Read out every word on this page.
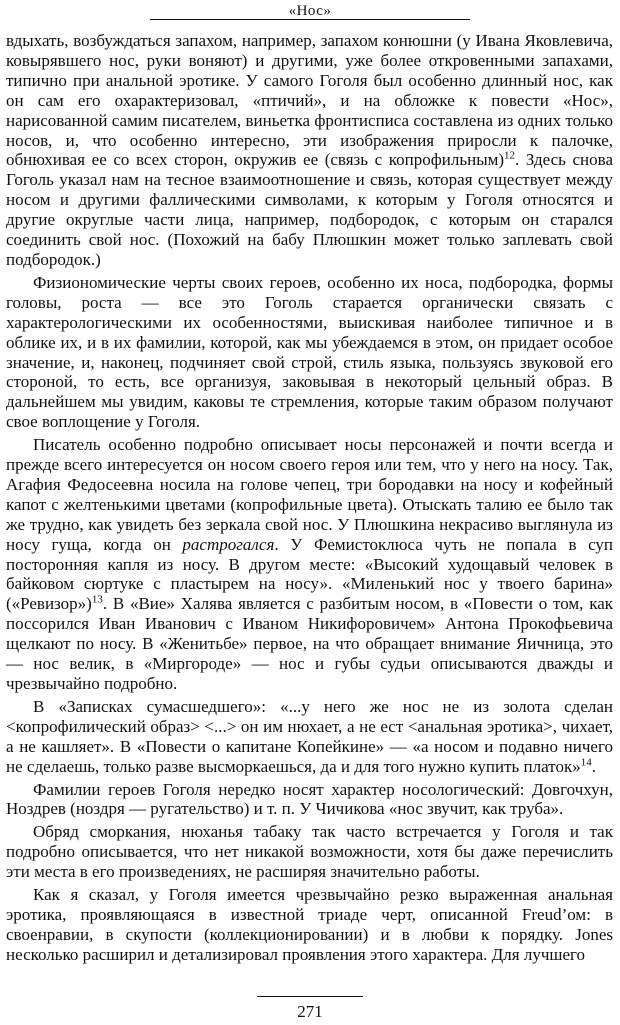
«Нос»

вдыхать, возбуждаться запахом, например, запахом конюшни (у Ивана Яковлевича, ковырявшего нос, руки воняют) и другими, уже более откровенными запахами, типично при анальной эротике. У самого Гоголя был особенно длинный нос, как он сам его охарактеризовал, «птичий», и на обложке к повести «Нос», нарисованной самим писателем, виньетка фронтисписа составлена из одних только носов, и, что особенно интересно, эти изображения приросли к палочке, обнюхивая ее со всех сторон, окружив ее (связь с копрофильным)$^{12}$. Здесь снова Гоголь указал нам на тесное взаимоотношение и связь, которая существует между носом и другими фаллическими символами, к которым у Гоголя относятся и другие округлые части лица, например, подбородок, с которым он старался соединить свой нос. (Похожий на бабу Плюшкин может только заплевать свой подбородок.)

Физиономические черты своих героев, особенно их носа, подбородка, формы головы, роста — все это Гоголь старается органически связать с характерологическими их особенностями, выискивая наиболее типичное и в облике их, и в их фамилии, которой, как мы убеждаемся в этом, он придает особое значение, и, наконец, подчиняет свой строй, стиль языка, пользуясь звуковой его стороной, то есть, все организуя, заковывая в некоторый цельный образ. В дальнейшем мы увидим, каковы те стремления, которые таким образом получают свое воплощение у Гоголя.

Писатель особенно подробно описывает носы персонажей и почти всегда и прежде всего интересуется он носом своего героя или тем, что у него на носу. Так, Агафия Федосеевна носила на голове чепец, три бородавки на носу и кофейный капот с желтенькими цветами (копрофильные цвета). Отыскать талию ее было так же трудно, как увидеть без зеркала свой нос. У Плюшкина некрасиво выглянула из носу гуща, когда он растрогался. У Фемистоклюса чуть не попала в суп посторонняя капля из носу. В другом месте: «Высокий худощавый человек в байковом сюртуке с пластырем на носу». «Миленький нос у твоего барина» («Ревизор»)$^{13}$. В «Вие» Халява является с разбитым носом, в «Повести о том, как поссорился Иван Иванович с Иваном Никифоровичем» Антона Прокофьевича щелкают по носу. В «Женитьбе» первое, на что обращает внимание Яичница, это — нос велик, в «Миргороде» — нос и губы судьи описываются дважды и чрезвычайно подробно.

В «Записках сумасшедшего»: «...у него же нос не из золота сделан <копрофилический образ> <...> он им нюхает, а не ест <анальная эротика>, чихает, а не кашляет». В «Повести о капитане Копейкине» — «а носом и подавно ничего не сделаешь, только разве высморкаешься, да и для того нужно купить платок»$^{14}$.

Фамилии героев Гоголя нередко носят характер носологический: Довгочхун, Ноздрев (ноздря — ругательство) и т. п. У Чичикова «нос звучит, как труба».

Обряд сморкания, нюханья табаку так часто встречается у Гоголя и так подробно описывается, что нет никакой возможности, хотя бы даже перечислить эти места в его произведениях, не расширяя значительно работы.

Как я сказал, у Гоголя имеется чрезвычайно резко выраженная анальная эротика, проявляющаяся в известной триаде черт, описанной Freud’ом: в своенравии, в скупости (коллекционировании) и в любви к порядку. Jones несколько расширил и детализировал проявления этого характера. Для лучшего

271
